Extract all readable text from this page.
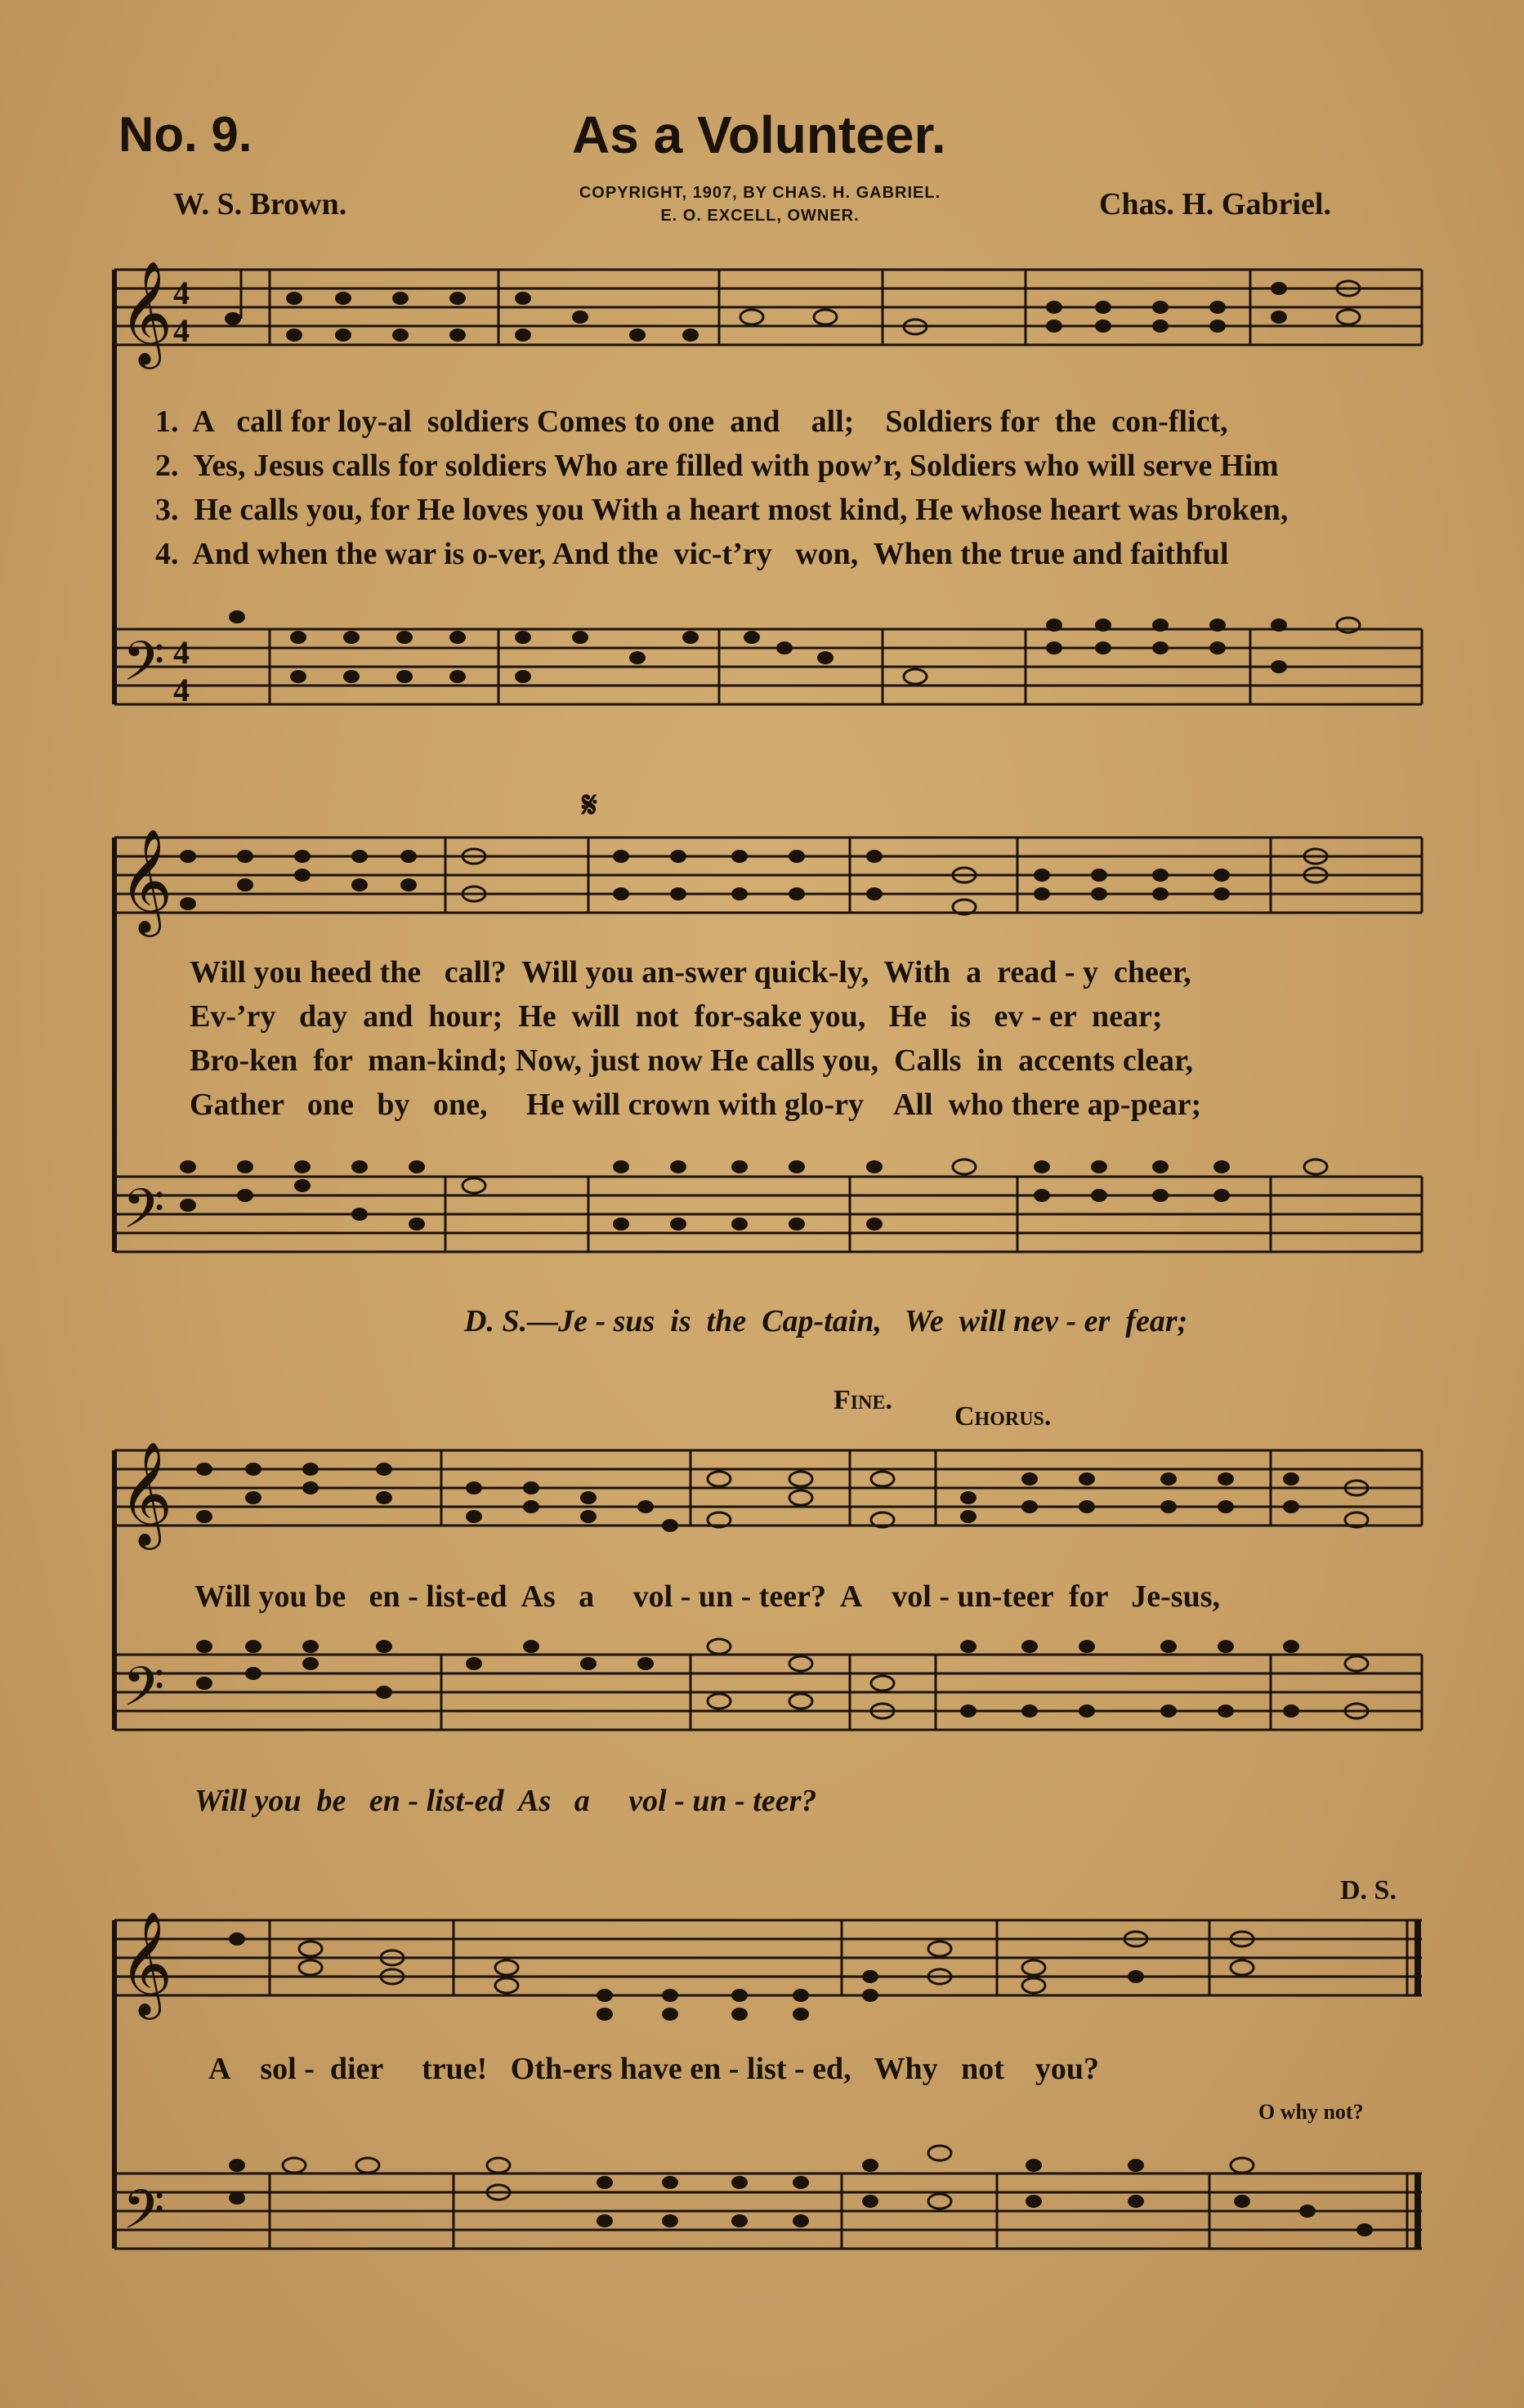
No. 9.	As a Volunteer.
W. S. Brown.	COPYRIGHT, 1907, BY CHAS. H. GABRIEL.
E. O. EXCELL, OWNER.	Chas. H. Gabriel.
𝄞 4
4
𝄢 4
4
1.  A   call for loy-al  soldiers Comes to one  and    all;    Soldiers for  the  con-flict,
2.  Yes, Jesus calls for soldiers Who are filled with pow’r, Soldiers who will serve Him
3.  He calls you, for He loves you With a heart most kind, He whose heart was broken,
4.  And when the war is o-ver, And the  vic-t’ry   won,  When the true and faithful
𝄋
𝄞
𝄢
Will you heed the   call?  Will you an-swer quick-ly,  With  a  read - y  cheer,
Ev-’ry   day  and  hour;  He  will  not  for-sake you,   He   is   ev - er  near;
Bro-ken  for  man-kind; Now, just now He calls you,  Calls  in  accents clear,
Gather   one   by   one,     He will crown with glo-ry    All  who there ap-pear;
D. S.—Je - sus  is  the  Cap-tain,   We  will nev - er  fear;
Fine.
Chorus.
𝄞
𝄢
Will you be   en - list-ed  As   a     vol - un - teer?  A    vol - un-teer  for   Je-sus,
Will you  be   en - list-ed  As   a     vol - un - teer?
D. S.
𝄞
𝄢
A    sol -  dier     true!   Oth-ers have en - list - ed,   Why   not    you?
O why not?
